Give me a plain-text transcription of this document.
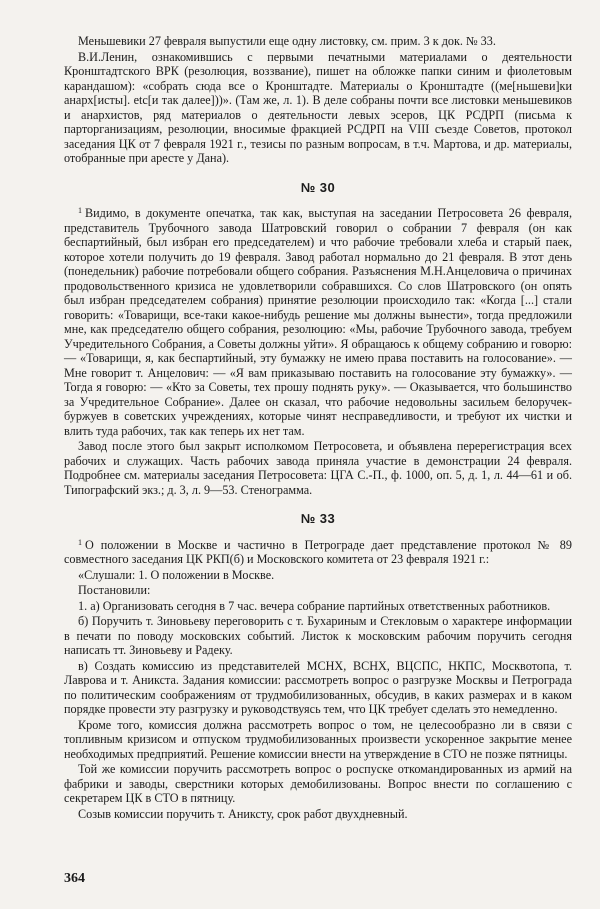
Меньшевики 27 февраля выпустили еще одну листовку, см. прим. 3 к док. № 33.

В.И.Ленин, ознакомившись с первыми печатными материалами о деятельности Кронштадтского ВРК (резолюция, воззвание), пишет на обложке папки синим и фиолетовым карандашом): «собрать сюда все о Кронштадте. Материалы о Кронштадте ((ме[ньшеви]ки анарх[исты]. etc[и так далее]))». (Там же, л. 1). В деле собраны почти все листовки меньшевиков и анархистов, ряд материалов о деятельности левых эсеров, ЦК РСДРП (письма к парторганизациям, резолюции, вносимые фракцией РСДРП на VIII съезде Советов, протокол заседания ЦК от 7 февраля 1921 г., тезисы по разным вопросам, в т.ч. Мартова, и др. материалы, отобранные при аресте у Дана).

№ 30

$^1$ Видимо, в документе опечатка, так как, выступая на заседании Петросовета 26 февраля, представитель Трубочного завода Шатровский говорил о собрании 7 февраля (он как беспартийный, был избран его председателем) и что рабочие требовали хлеба и старый паек, которое хотели получить до 19 февраля. Завод работал нормально до 21 февраля. В этот день (понедельник) рабочие потребовали общего собрания. Разъяснения М.Н.Анцеловича о причинах продовольственного кризиса не удовлетворили собравшихся. Со слов Шатровского (он опять был избран председателем собрания) принятие резолюции происходило так: «Когда [...] стали говорить: «Товарищи, все-таки какое-нибудь решение мы должны вынести», тогда предложили мне, как председателю общего собрания, резолюцию: «Мы, рабочие Трубочного завода, требуем Учредительного Собрания, а Советы должны уйти». Я обращаюсь к общему собранию и говорю: — «Товарищи, я, как беспартийный, эту бумажку не имею права поставить на голосование». — Мне говорит т. Анцелович: — «Я вам приказываю поставить на голосование эту бумажку». — Тогда я говорю: — «Кто за Советы, тех прошу поднять руку». — Оказывается, что большинство за Учредительное Собрание». Далее он сказал, что рабочие недовольны засильем белоручек-буржуев в советских учреждениях, которые чинят несправедливости, и требуют их чистки и влить туда рабочих, так как теперь их нет там.

Завод после этого был закрыт исполкомом Петросовета, и объявлена перерегистрация всех рабочих и служащих. Часть рабочих завода приняла участие в демонстрации 24 февраля. Подробнее см. материалы заседания Петросовета: ЦГА С.-П., ф. 1000, оп. 5, д. 1, л. 44—61 и об. Типографский экз.; д. 3, л. 9—53. Стенограмма.

№ 33

$^1$ О положении в Москве и частично в Петрограде дает представление протокол № 89 совместного заседания ЦК РКП(б) и Московского комитета от 23 февраля 1921 г.:

«Слушали: 1. О положении в Москве.

Постановили:

1. а) Организовать сегодня в 7 час. вечера собрание партийных ответственных работников.

б) Поручить т. Зиновьеву переговорить с т. Бухариным и Стекловым о характере информации в печати по поводу московских событий. Листок к московским рабочим поручить сегодня написать тт. Зиновьеву и Радеку.

в) Создать комиссию из представителей МСНХ, ВСНХ, ВЦСПС, НКПС, Москвотопа, т. Лаврова и т. Аникста. Задания комиссии: рассмотреть вопрос о разгрузке Москвы и Петрограда по политическим соображениям от трудмобилизованных, обсудив, в каких размерах и в каком порядке провести эту разгрузку и руководствуясь тем, что ЦК требует сделать это немедленно.

Кроме того, комиссия должна рассмотреть вопрос о том, не целесообразно ли в связи с топливным кризисом и отпуском трудмобилизованных произвести ускоренное закрытие менее необходимых предприятий. Решение комиссии внести на утверждение в СТО не позже пятницы.

Той же комиссии поручить рассмотреть вопрос о роспуске откомандированных из армий на фабрики и заводы, сверстники которых демобилизованы. Вопрос внести по соглашению с секретарем ЦК в СТО в пятницу.

Созыв комиссии поручить т. Аниксту, срок работ двухдневный.

364
